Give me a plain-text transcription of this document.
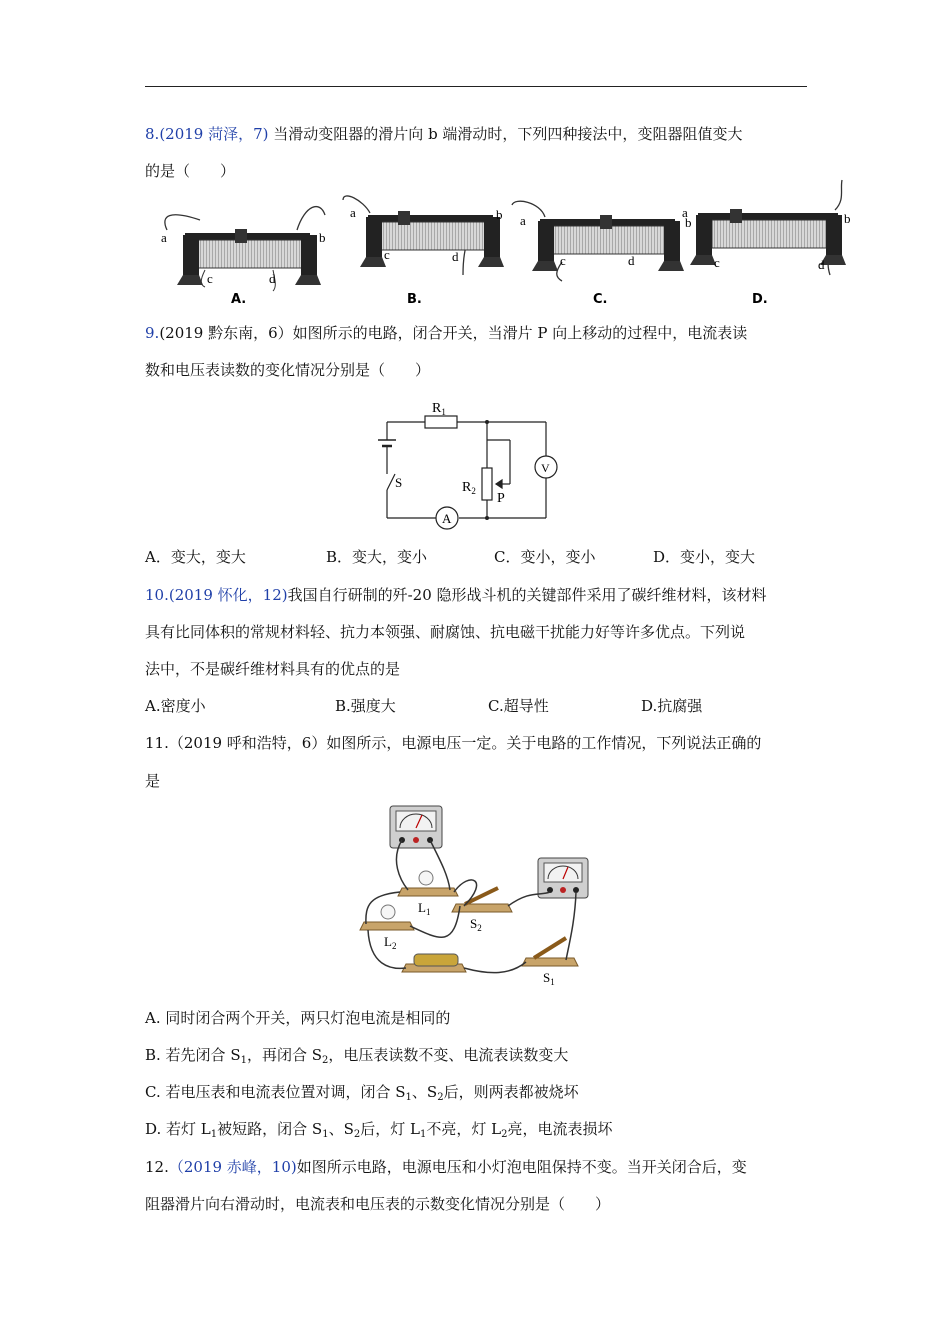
8.(2019 菏泽，7) 当滑动变阻器的滑片向 b 端滑动时，下列四种接法中，变阻器阻值变大
的是（　　）
a	b
c	d
A.
a	b
c	d
B.
a	b
c	d
C.
a	b
c	d
D.
9.(2019 黔东南，6）如图所示的电路，闭合开关，当滑片 P 向上移动的过程中，电流表读
数和电压表读数的变化情况分别是（　　）
$R_1$
$R_2$ P
S
A
V
A．变大，变大	B．变大，变小	C．变小，变小	D．变小，变大
10.(2019 怀化，12)我国自行研制的歼-20 隐形战斗机的关键部件采用了碳纤维材料，该材料
具有比同体积的常规材料轻、抗力本领强、耐腐蚀、抗电磁干扰能力好等许多优点。下列说
法中，不是碳纤维材料具有的优点的是
A.密度小	B.强度大	C.超导性	D.抗腐强
11.（2019 呼和浩特，6）如图所示，电源电压一定。关于电路的工作情况，下列说法正确的
是
$L_1$
$L_2$
$S_2$
$S_1$
A. 同时闭合两个开关，两只灯泡电流是相同的
B. 若先闭合 $S_1$，再闭合 $S_2$，电压表读数不变、电流表读数变大
C. 若电压表和电流表位置对调，闭合 $S_1$、$S_2$后，则两表都被烧坏
D. 若灯 $L_1$被短路，闭合 $S_1$、$S_2$后，灯 $L_1$不亮，灯 $L_2$亮，电流表损坏
12.（2019 赤峰，10)如图所示电路，电源电压和小灯泡电阻保持不变。当开关闭合后，变
阻器滑片向右滑动时，电流表和电压表的示数变化情况分别是（　　）
